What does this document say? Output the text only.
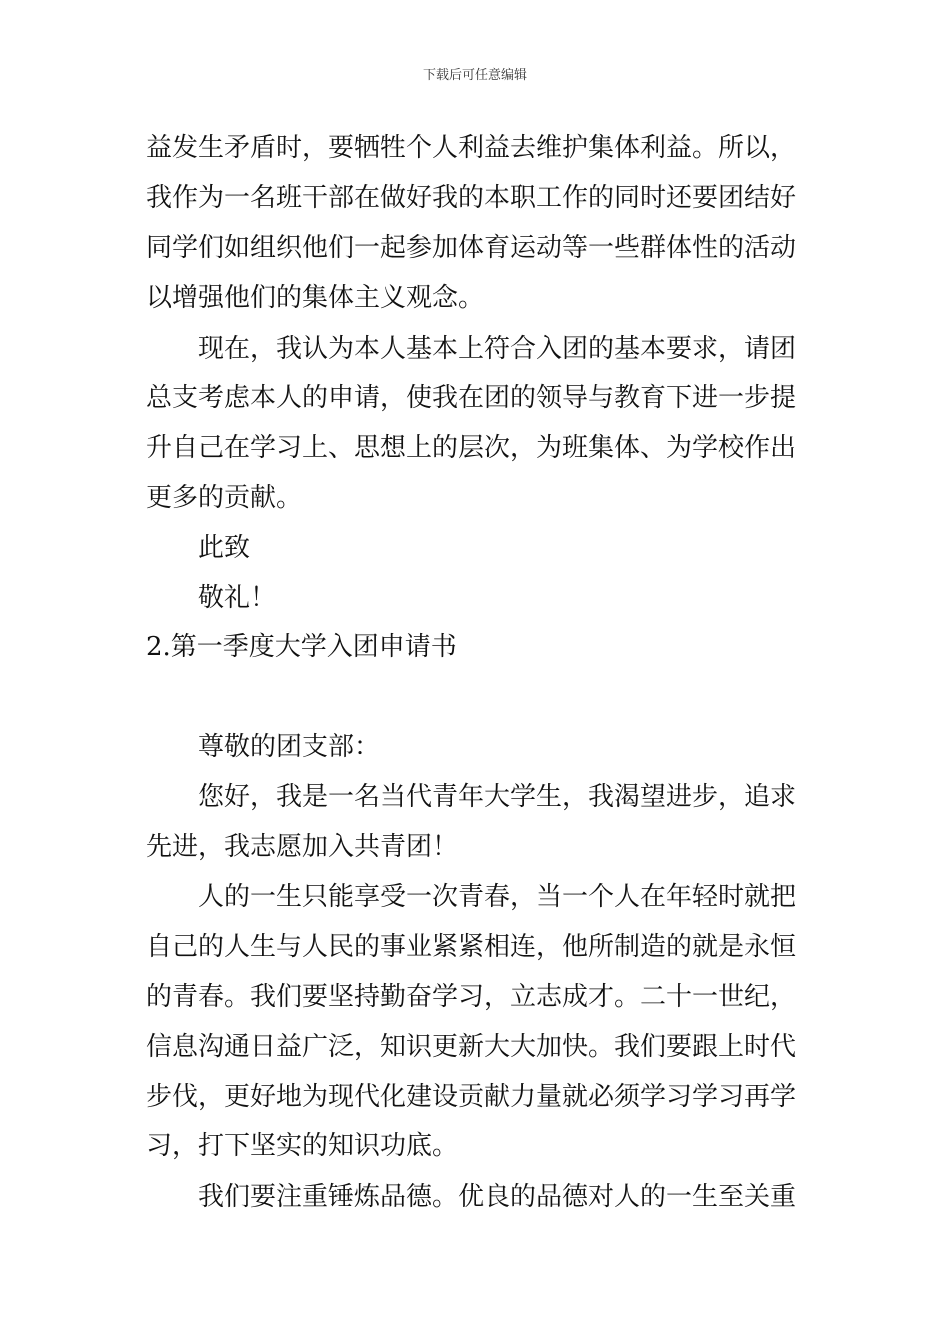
下载后可任意编辑
益发生矛盾时，要牺牲个人利益去维护集体利益。所以，
我作为一名班干部在做好我的本职工作的同时还要团结好
同学们如组织他们一起参加体育运动等一些群体性的活动
以增强他们的集体主义观念。
现在，我认为本人基本上符合入团的基本要求，请团
总支考虑本人的申请，使我在团的领导与教育下进一步提
升自己在学习上、思想上的层次，为班集体、为学校作出
更多的贡献。
此致
敬礼！
2.第一季度大学入团申请书
尊敬的团支部：
您好，我是一名当代青年大学生，我渴望进步，追求
先进，我志愿加入共青团！
人的一生只能享受一次青春，当一个人在年轻时就把
自己的人生与人民的事业紧紧相连，他所制造的就是永恒
的青春。我们要坚持勤奋学习，立志成才。二十一世纪，
信息沟通日益广泛，知识更新大大加快。我们要跟上时代
步伐，更好地为现代化建设贡献力量就必须学习学习再学
习，打下坚实的知识功底。
我们要注重锤炼品德。优良的品德对人的一生至关重
